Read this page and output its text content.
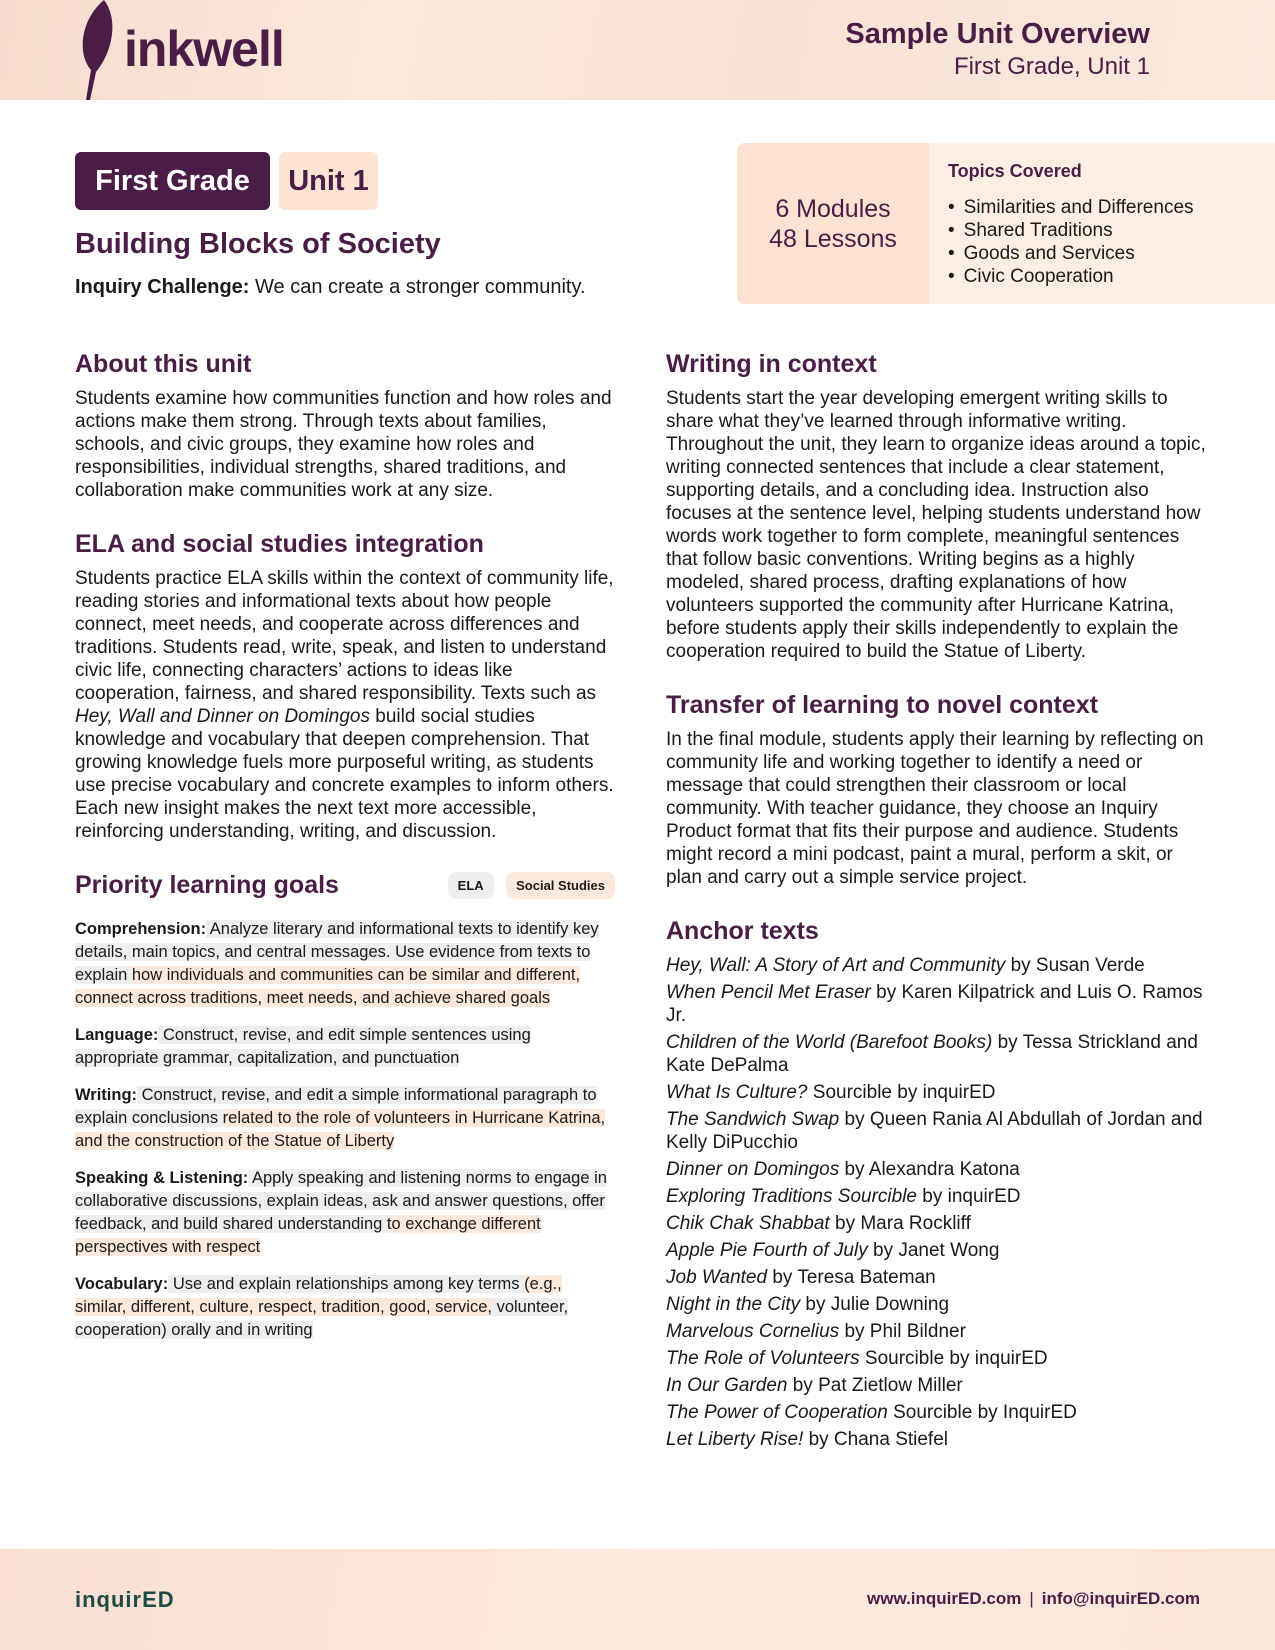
inkwell	Sample Unit Overview
First Grade, Unit 1
First Grade	Unit 1
Building Blocks of Society
Inquiry Challenge: We can create a stronger community.
6 Modules
48 Lessons
Topics Covered
• Similarities and Differences
• Shared Traditions
• Goods and Services
• Civic Cooperation
About this unit

Students examine how communities function and how roles and actions make them strong. Through texts about families, schools, and civic groups, they examine how roles and responsibilities, individual strengths, shared traditions, and collaboration make communities work at any size.

ELA and social studies integration

Students practice ELA skills within the context of community life, reading stories and informational texts about how people connect, meet needs, and cooperate across differences and traditions. Students read, write, speak, and listen to understand civic life, connecting characters’ actions to ideas like cooperation, fairness, and shared responsibility. Texts such as Hey, Wall and Dinner on Domingos build social studies knowledge and vocabulary that deepen comprehension. That growing knowledge fuels more purposeful writing, as students use precise vocabulary and concrete examples to inform others. Each new insight makes the next text more accessible, reinforcing understanding, writing, and discussion.

Priority learning goals	ELA Social Studies

Comprehension: Analyze literary and informational texts to identify key details, main topics, and central messages. Use evidence from texts to explain how individuals and communities can be similar and different, connect across traditions, meet needs, and achieve shared goals

Language: Construct, revise, and edit simple sentences using appropriate grammar, capitalization, and punctuation

Writing: Construct, revise, and edit a simple informational paragraph to explain conclusions related to the role of volunteers in Hurricane Katrina, and the construction of the Statue of Liberty

Speaking & Listening: Apply speaking and listening norms to engage in collaborative discussions, explain ideas, ask and answer questions, offer feedback, and build shared understanding to exchange different perspectives with respect

Vocabulary: Use and explain relationships among key terms (e.g., similar, different, culture, respect, tradition, good, service, volunteer, cooperation) orally and in writing

Writing in context

Students start the year developing emergent writing skills to share what they’ve learned through informative writing. Throughout the unit, they learn to organize ideas around a topic, writing connected sentences that include a clear statement, supporting details, and a concluding idea. Instruction also focuses at the sentence level, helping students understand how words work together to form complete, meaningful sentences that follow basic conventions. Writing begins as a highly modeled, shared process, drafting explanations of how volunteers supported the community after Hurricane Katrina, before students apply their skills independently to explain the cooperation required to build the Statue of Liberty.

Transfer of learning to novel context

In the final module, students apply their learning by reflecting on community life and working together to identify a need or message that could strengthen their classroom or local community. With teacher guidance, they choose an Inquiry Product format that fits their purpose and audience. Students might record a mini podcast, paint a mural, perform a skit, or plan and carry out a simple service project.

Anchor texts

Hey, Wall: A Story of Art and Community by Susan Verde

When Pencil Met Eraser by Karen Kilpatrick and Luis O. Ramos Jr.

Children of the World (Barefoot Books) by Tessa Strickland and Kate DePalma

What Is Culture? Sourcible by inquirED

The Sandwich Swap by Queen Rania Al Abdullah of Jordan and Kelly DiPucchio

Dinner on Domingos by Alexandra Katona

Exploring Traditions Sourcible by inquirED

Chik Chak Shabbat by Mara Rockliff

Apple Pie Fourth of July by Janet Wong

Job Wanted by Teresa Bateman

Night in the City by Julie Downing

Marvelous Cornelius by Phil Bildner

The Role of Volunteers Sourcible by inquirED

In Our Garden by Pat Zietlow Miller

The Power of Cooperation Sourcible by InquirED

Let Liberty Rise! by Chana Stiefel

inquirED	www.inquirED.com | info@inquirED.com
